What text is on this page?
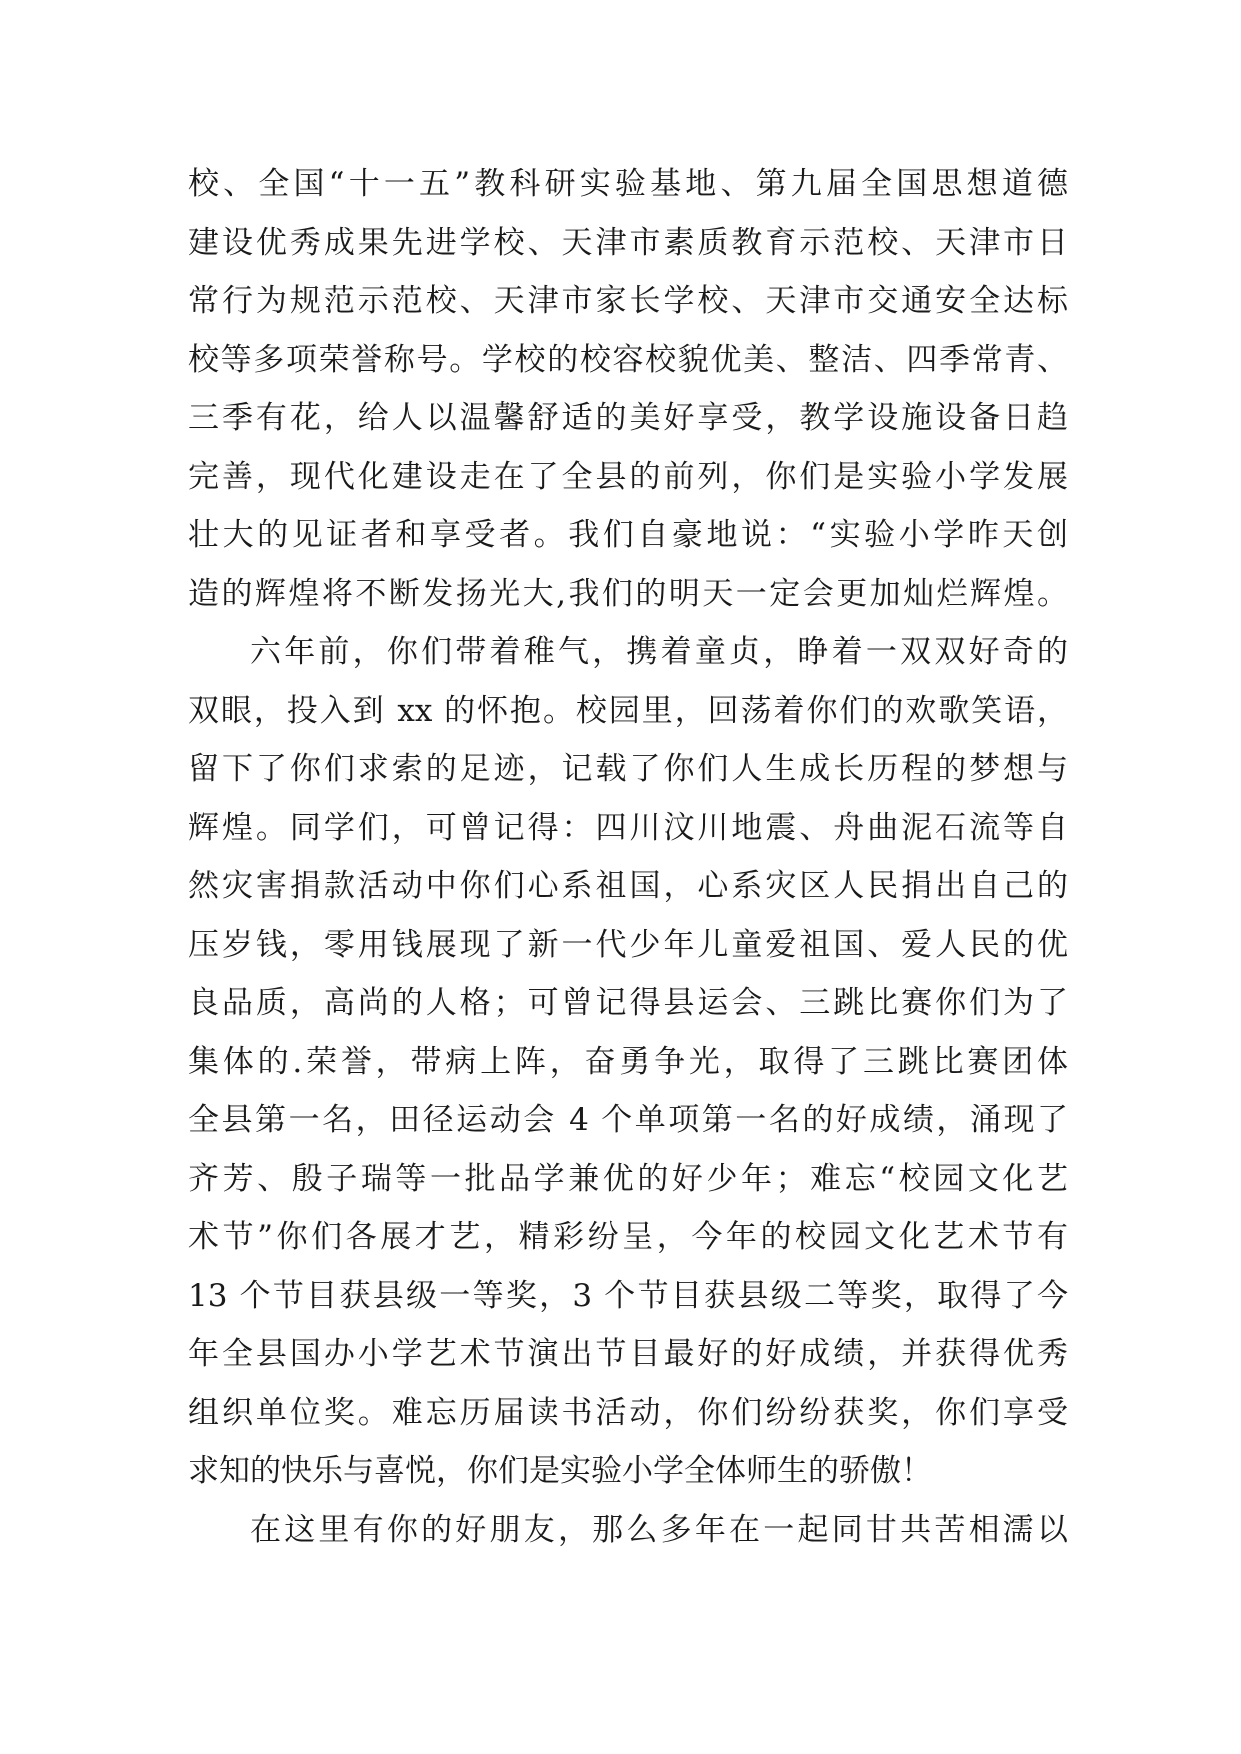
校、全国“十一五”教科研实验基地、第九届全国思想道德
建设优秀成果先进学校、天津市素质教育示范校、天津市日
常行为规范示范校、天津市家长学校、天津市交通安全达标
校等多项荣誉称号。学校的校容校貌优美、整洁、四季常青、
三季有花，给人以温馨舒适的美好享受，教学设施设备日趋
完善，现代化建设走在了全县的前列，你们是实验小学发展
壮大的见证者和享受者。我们自豪地说：“实验小学昨天创
造的辉煌将不断发扬光大,我们的明天一定会更加灿烂辉煌。
六年前，你们带着稚气，携着童贞，睁着一双双好奇的
双眼，投入到 xx 的怀抱。校园里，回荡着你们的欢歌笑语，
留下了你们求索的足迹，记载了你们人生成长历程的梦想与
辉煌。同学们，可曾记得：四川汶川地震、舟曲泥石流等自
然灾害捐款活动中你们心系祖国，心系灾区人民捐出自己的
压岁钱，零用钱展现了新一代少年儿童爱祖国、爱人民的优
良品质，高尚的人格；可曾记得县运会、三跳比赛你们为了
集体的.荣誉，带病上阵，奋勇争光，取得了三跳比赛团体
全县第一名，田径运动会 4 个单项第一名的好成绩，涌现了
齐芳、殷子瑞等一批品学兼优的好少年；难忘“校园文化艺
术节”你们各展才艺，精彩纷呈，今年的校园文化艺术节有
13 个节目获县级一等奖，3 个节目获县级二等奖，取得了今
年全县国办小学艺术节演出节目最好的好成绩，并获得优秀
组织单位奖。难忘历届读书活动，你们纷纷获奖，你们享受
求知的快乐与喜悦，你们是实验小学全体师生的骄傲！
在这里有你的好朋友，那么多年在一起同甘共苦相濡以
